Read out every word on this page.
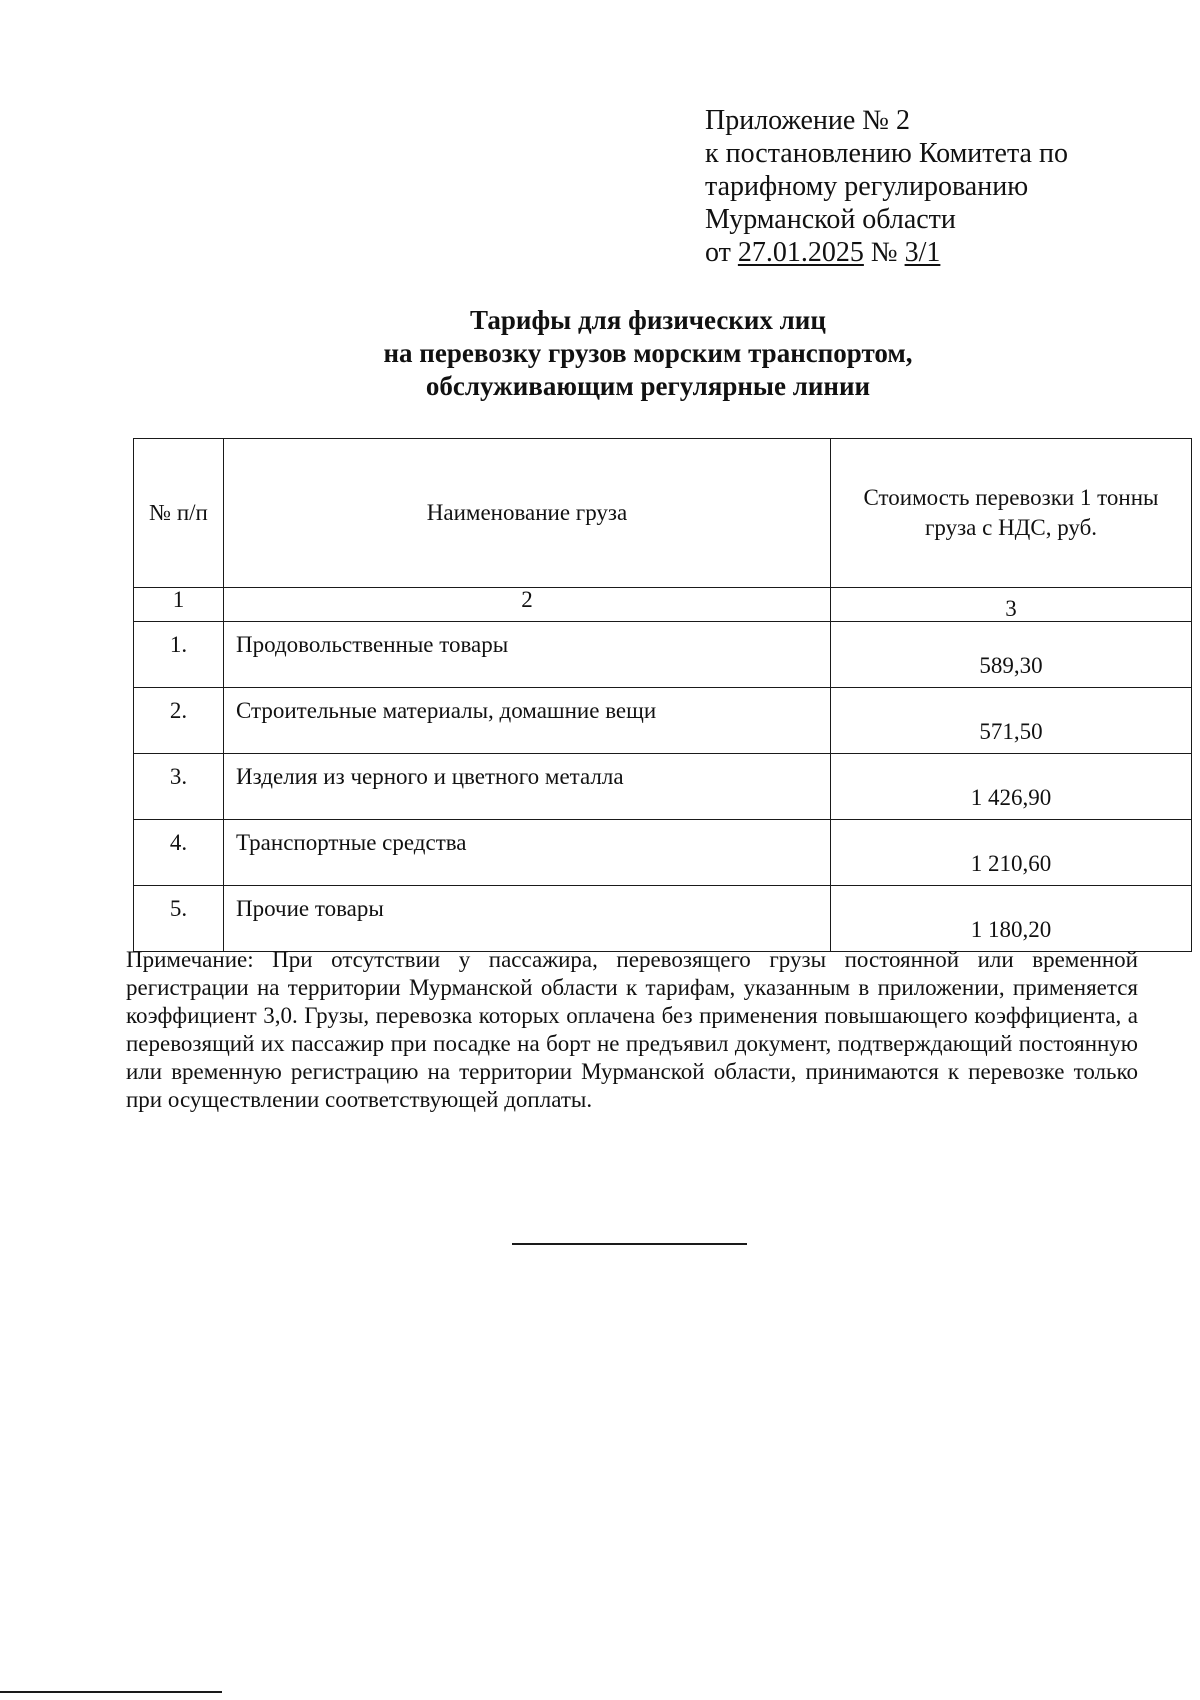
Приложение № 2
к постановлению Комитета по
тарифному регулированию
Мурманской области
от 27.01.2025 № 3/1
Тарифы для физических лиц
на перевозку грузов морским транспортом,
обслуживающим регулярные линии
№ п/п	Наименование груза	Стоимость перевозки 1 тонны груза с НДС, руб.
1	2	3
1.	Продовольственные товары	589,30
2.	Строительные материалы, домашние вещи	571,50
3.	Изделия из черного и цветного металла	1 426,90
4.	Транспортные средства	1 210,60
5.	Прочие товары	1 180,20
Примечание: При отсутствии у пассажира, перевозящего грузы постоянной или временной регистрации на территории Мурманской области к тарифам, указанным в приложении, применяется коэффициент 3,0. Грузы, перевозка которых оплачена без применения повышающего коэффициента, а перевозящий их пассажир при посадке на борт не предъявил документ, подтверждающий постоянную или временную регистрацию на территории Мурманской области, принимаются к перевозке только при осуществлении соответствующей доплаты.
